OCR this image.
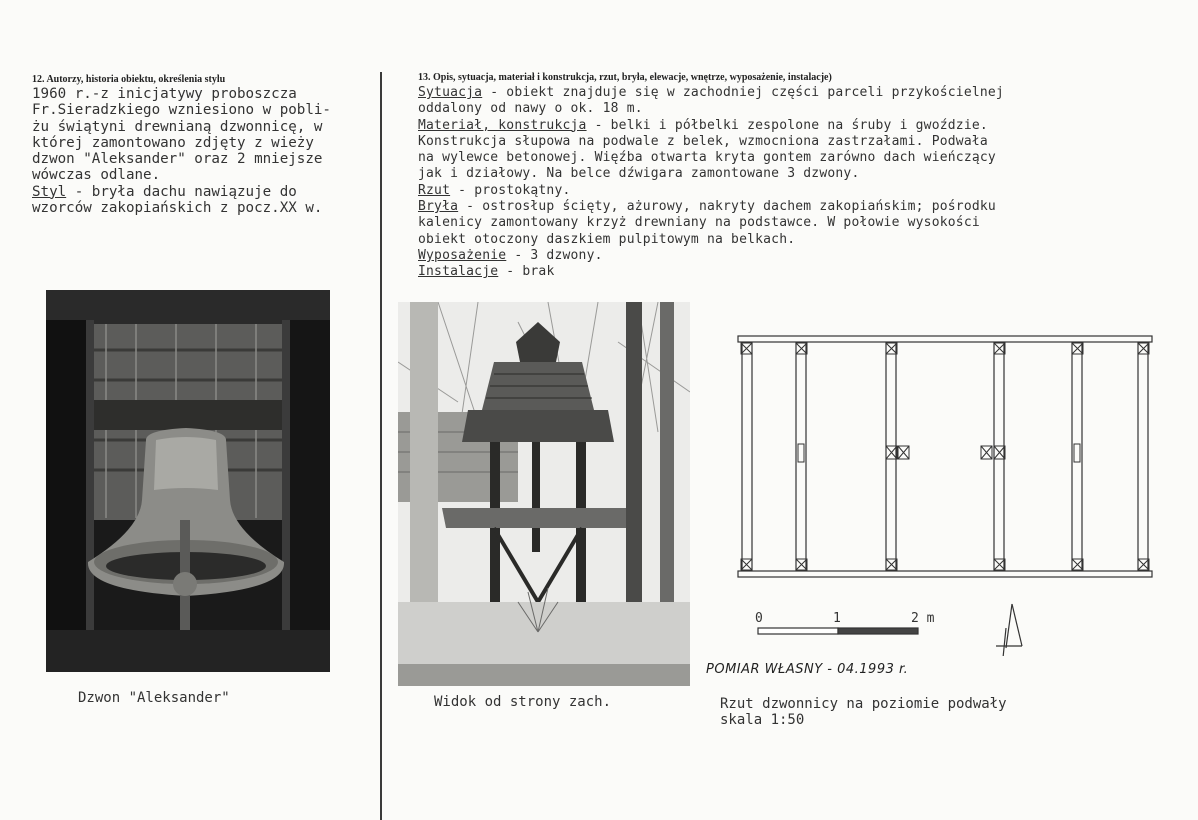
12. Autorzy, historia obiektu, określenia stylu
1960 r.-z inicjatywy proboszcza
Fr.Sieradzkiego wzniesiono w pobli-
żu świątyni drewnianą dzwonnicę, w
której zamontowano zdjęty z wieży
dzwon "Aleksander" oraz 2 mniejsze
wówczas odlane.
Styl - bryła dachu nawiązuje do
wzorców zakopiańskich z pocz.XX w.
Dzwon "Aleksander"
13. Opis, sytuacja, materiał i konstrukcja, rzut, bryła, elewacje, wnętrze, wyposażenie, instalacje)
Sytuacja - obiekt znajduje się w zachodniej części parceli przykościelnej
oddalony od nawy o ok. 18 m.
Materiał, konstrukcja - belki i półbelki zespolone na śruby i gwoździe.
Konstrukcja słupowa na podwale z belek, wzmocniona zastrzałami. Podwała
na wylewce betonowej. Więźba otwarta kryta gontem zarówno dach wieńczący
jak i działowy. Na belce dźwigara zamontowane 3 dzwony.
Rzut - prostokątny.
Bryła - ostrosłup ścięty, ażurowy, nakryty dachem zakopiańskim; pośrodku
kalenicy zamontowany krzyż drewniany na podstawce. W połowie wysokości
obiekt otoczony daszkiem pulpitowym na belkach.
Wyposażenie - 3 dzwony.
Instalacje - brak
Widok od strony zach.
0	1	2 m
POMIAR WŁASNY - 04.1993 r.
Rzut dzwonnicy na poziomie podwały
skala 1:50
